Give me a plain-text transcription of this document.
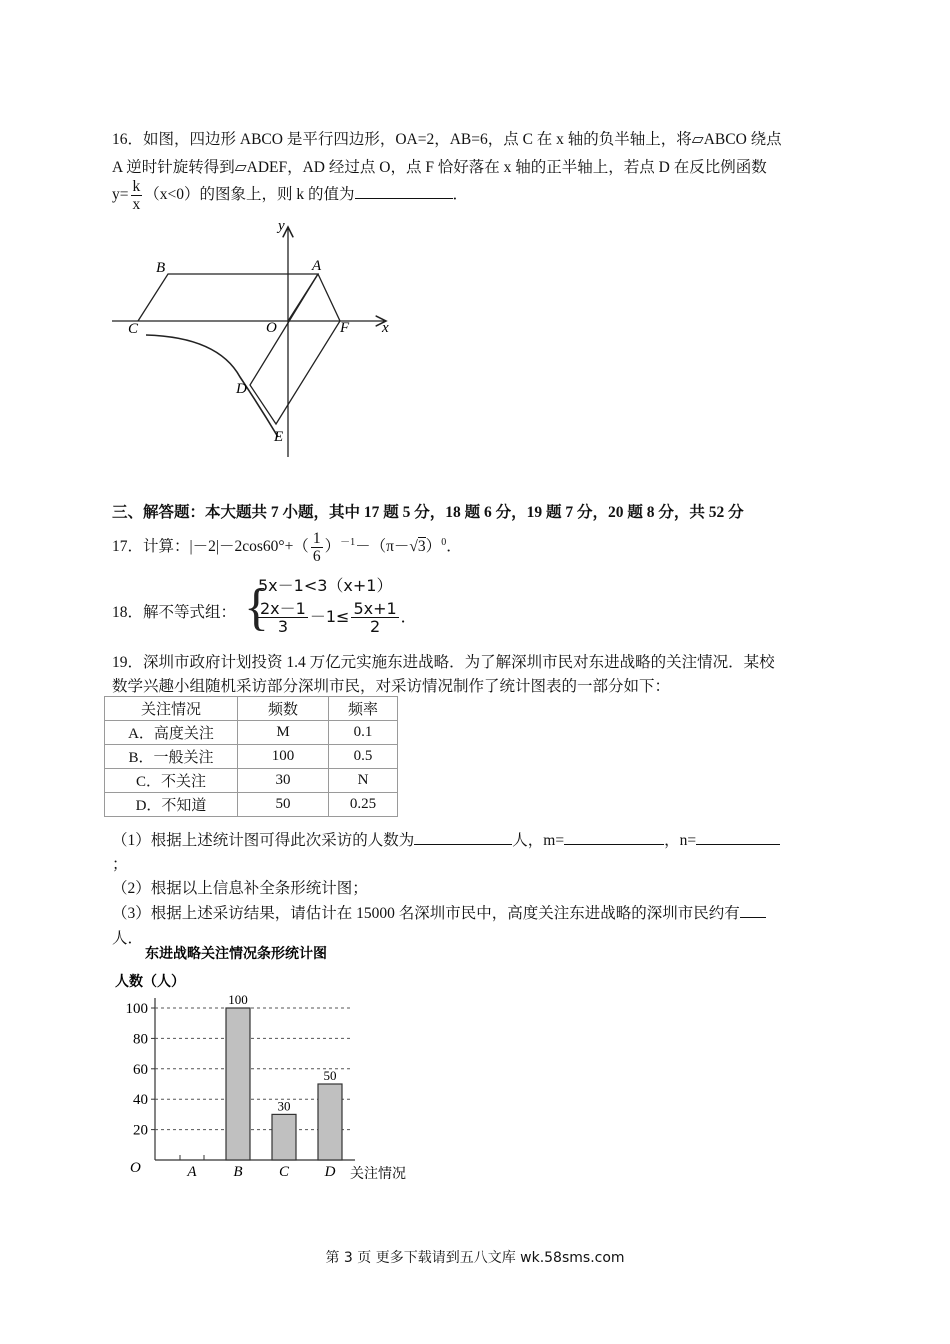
16．如图，四边形 ABCO 是平行四边形，OA=2，AB=6，点 C 在 x 轴的负半轴上，将▱ABCO 绕点
A 逆时针旋转得到▱ADEF，AD 经过点 O，点 F 恰好落在 x 轴的正半轴上，若点 D 在反比例函数
$y= \frac{k}{x} (x<0)$的图象上，则 k 的值为	．
y
x
B	A
C	O	F
D
E
三、解答题：本大题共 7 小题，其中 17 题 5 分，18 题 6 分，19 题 7 分，20 题 8 分，共 52 分
17．计算：$|-2|-2\cos 60^\circ+( \frac{1}{6} )^{-1}-(\pi-√3)^0$．
18．解不等式组： {
5x－1<3（x+1）
$\frac{2x-1}{3} -1\le \frac{5x+1}{2}$ ．
19．深圳市政府计划投资 1.4 万亿元实施东进战略．为了解深圳市民对东进战略的关注情况．某校
数学兴趣小组随机采访部分深圳市民，对采访情况制作了统计图表的一部分如下：
关注情况	频数	频率
A．高度关注	M	0.1
B．一般关注	100	0.5
C．不关注	30	N
D．不知道	50	0.25
（1）根据上述统计图可得此次采访的人数为	人，m=	，n=
；
（2）根据以上信息补全条形统计图；
（3）根据上述采访结果，请估计在 15000 名深圳市民中，高度关注东进战略的深圳市民约有
人．
东进战略关注情况条形统计图
人数（人）
关注情况
O
20
40
60
80
100
A
100
B
30
C
50
D
第 3 页 更多下载请到五八文库 wk.58sms.com
